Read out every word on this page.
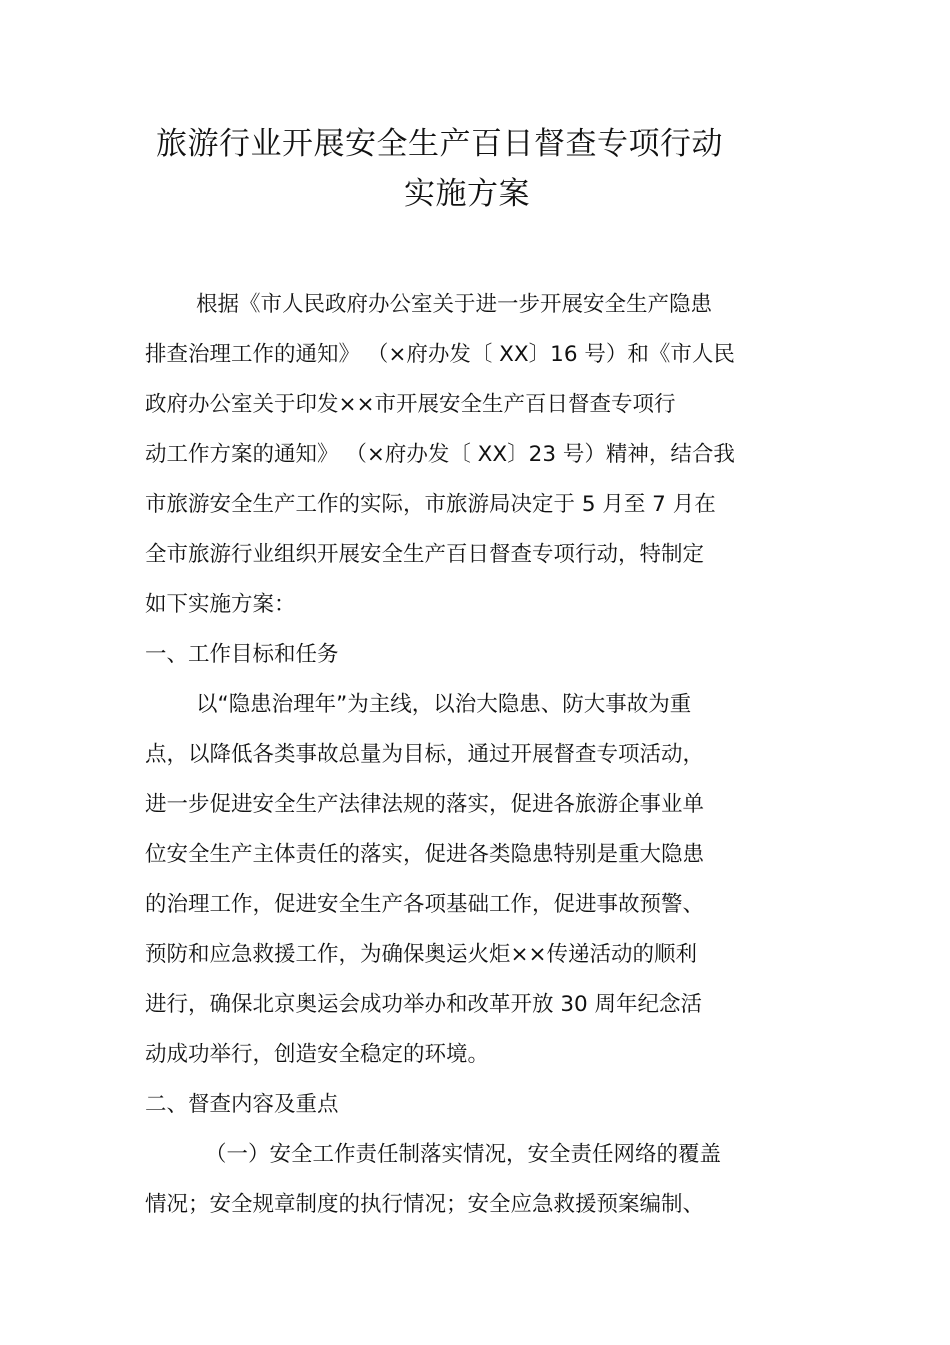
旅游行业开展安全生产百日督查专项行动
实施方案
根据《市人民政府办公室关于进一步开展安全生产隐患
排查治理工作的通知》 （×府办发〔 XX〕16 号）和《市人民
政府办公室关于印发××市开展安全生产百日督查专项行
动工作方案的通知》 （×府办发〔 XX〕23 号）精神，结合我
市旅游安全生产工作的实际，市旅游局决定于 5 月至 7 月在
全市旅游行业组织开展安全生产百日督查专项行动，特制定
如下实施方案：
一、工作目标和任务
以“隐患治理年”为主线，以治大隐患、防大事故为重
点，以降低各类事故总量为目标，通过开展督查专项活动，
进一步促进安全生产法律法规的落实，促进各旅游企事业单
位安全生产主体责任的落实，促进各类隐患特别是重大隐患
的治理工作，促进安全生产各项基础工作，促进事故预警、
预防和应急救援工作，为确保奥运火炬××传递活动的顺利
进行，确保北京奥运会成功举办和改革开放 30 周年纪念活
动成功举行，创造安全稳定的环境。
二、督查内容及重点
（一）安全工作责任制落实情况，安全责任网络的覆盖
情况；安全规章制度的执行情况；安全应急救援预案编制、
